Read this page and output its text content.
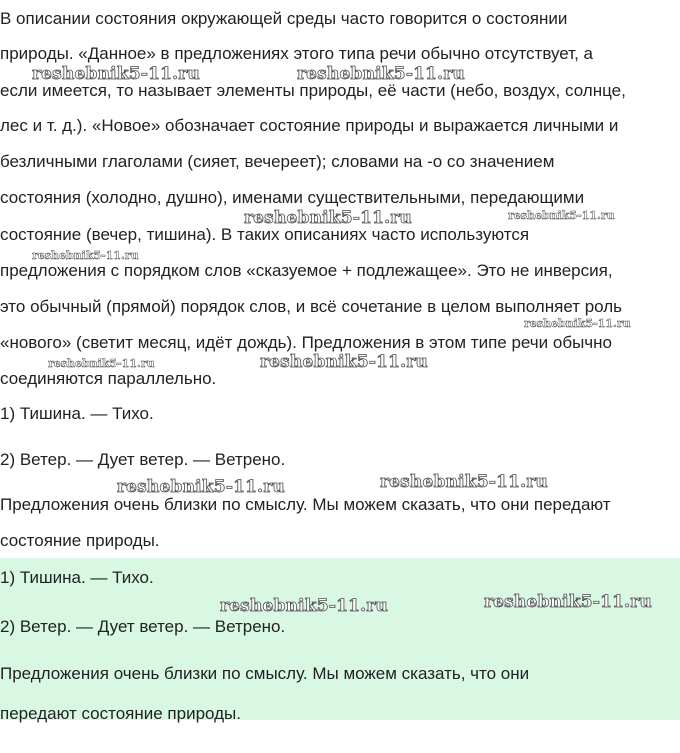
В описании состояния окружающей среды часто говорится о состоянии
природы. «Данное» в предложениях этого типа речи обычно отсутствует, а
если имеется, то называет элементы природы, её части (небо, воздух, солнце,
лес и т. д.). «Новое» обозначает состояние природы и выражается личными и
безличными глаголами (сияет, вечереет); словами на -о со значением
состояния (холодно, душно), именами существительными, передающими
состояние (вечер, тишина). В таких описаниях часто используются
предложения с порядком слов «сказуемое + подлежащее». Это не инверсия,
это обычный (прямой) порядок слов, и всё сочетание в целом выполняет роль
«нового» (светит месяц, идёт дождь). Предложения в этом типе речи обычно
соединяются параллельно.
1) Тишина. — Тихо.
2) Ветер. — Дует ветер. — Ветрено.
Предложения очень близки по смыслу. Мы можем сказать, что они передают
состояние природы.
1) Тишина. — Тихо.
2) Ветер. — Дует ветер. — Ветрено.
Предложения очень близки по смыслу. Мы можем сказать, что они
передают состояние природы.
reshebnik5-11.ru	reshebnik5-11.ru
reshebnik5-11.ru	reshebnik5-11.ru
reshebnik5-11.ru
reshebnik5-11.ru
reshebnik5-11.ru	reshebnik5-11.ru
reshebnik5-11.ru
reshebnik5-11.ru
reshebnik5-11.ru	reshebnik5-11.ru
